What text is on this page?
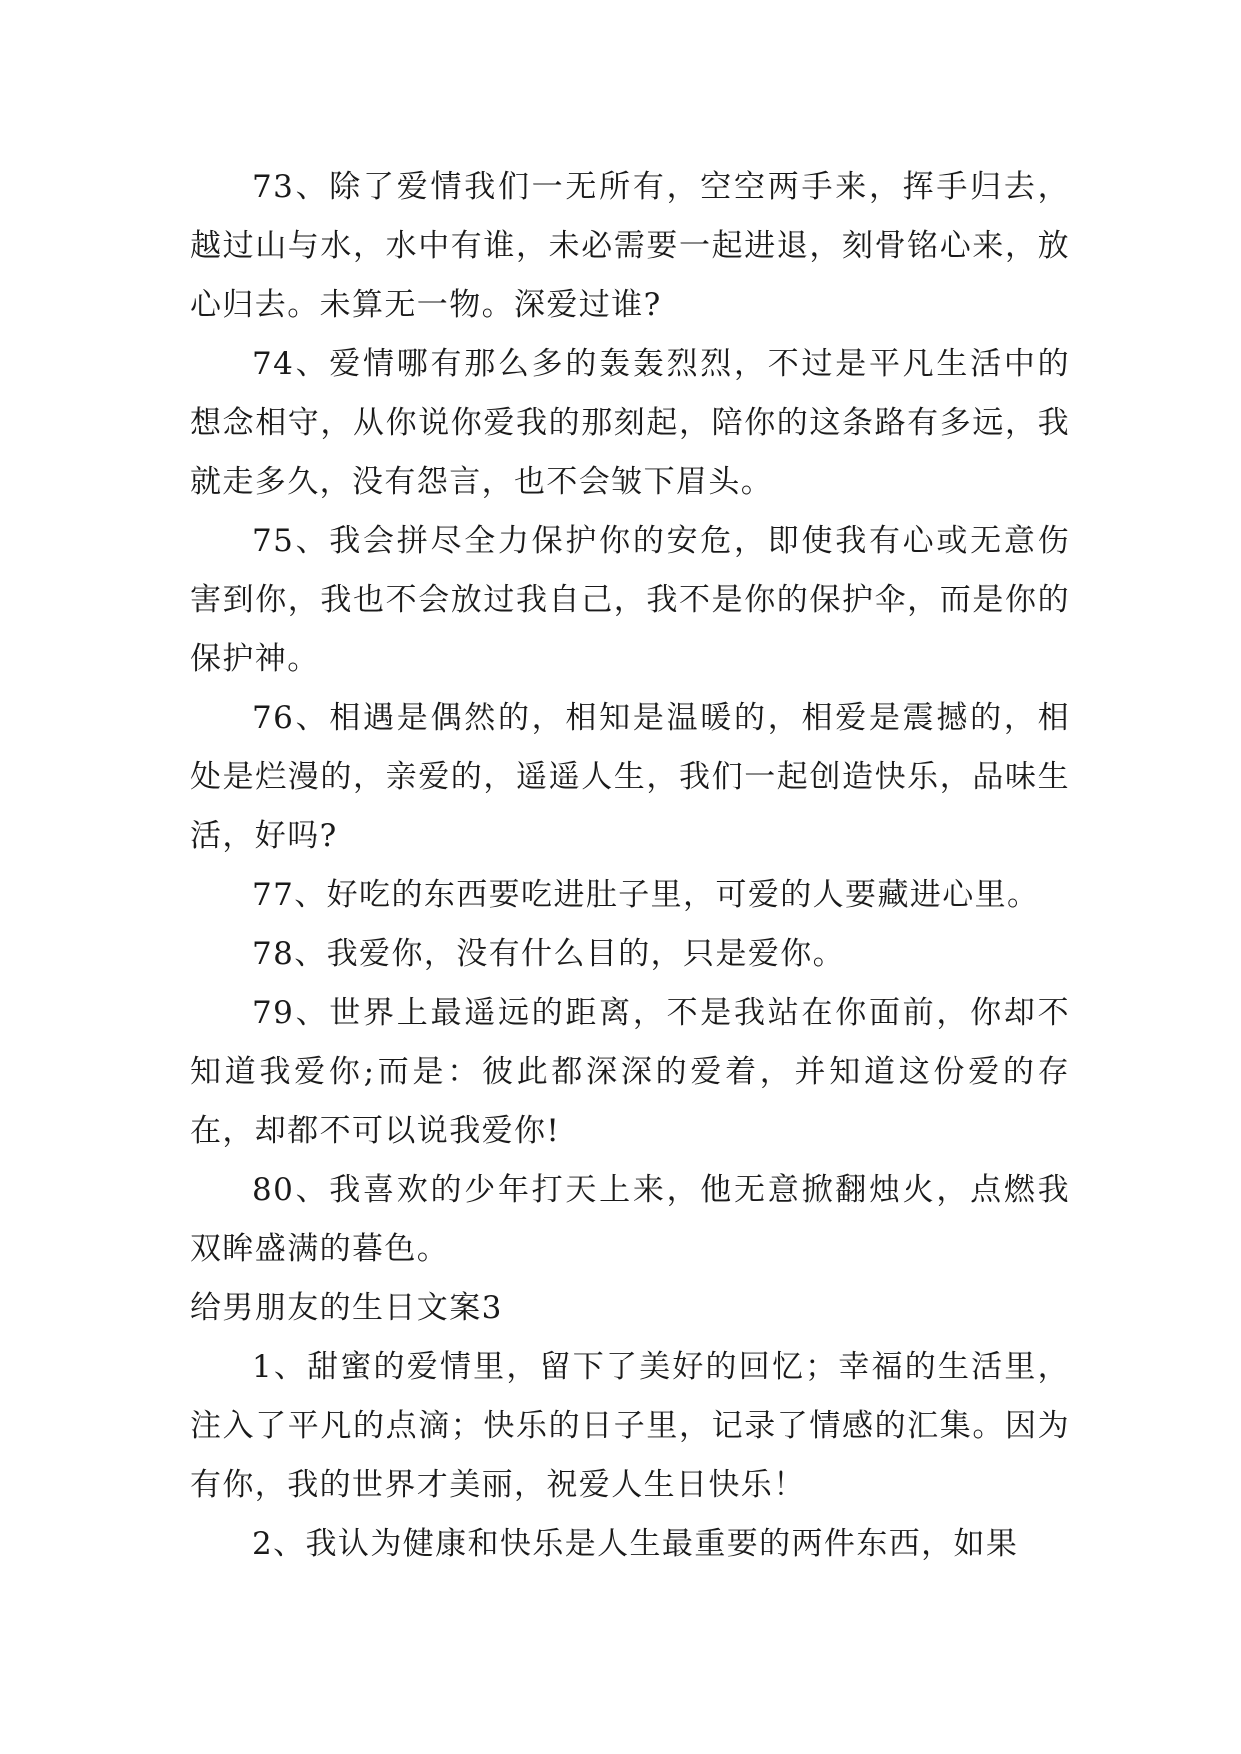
73、除了爱情我们一无所有，空空两手来，挥手归去，越过山与水，水中有谁，未必需要一起进退，刻骨铭心来，放心归去。未算无一物。深爱过谁?

74、爱情哪有那么多的轰轰烈烈，不过是平凡生活中的想念相守，从你说你爱我的那刻起，陪你的这条路有多远，我就走多久，没有怨言，也不会皱下眉头。

75、我会拼尽全力保护你的安危，即使我有心或无意伤害到你，我也不会放过我自己，我不是你的保护伞，而是你的保护神。

76、相遇是偶然的，相知是温暖的，相爱是震撼的，相处是烂漫的，亲爱的，遥遥人生，我们一起创造快乐，品味生活，好吗?

77、好吃的东西要吃进肚子里，可爱的人要藏进心里。

78、我爱你，没有什么目的，只是爱你。

79、世界上最遥远的距离，不是我站在你面前，你却不知道我爱你;而是：彼此都深深的爱着，并知道这份爱的存在，却都不可以说我爱你!

80、我喜欢的少年打天上来，他无意掀翻烛火，点燃我双眸盛满的暮色。

给男朋友的生日文案3

1、甜蜜的爱情里，留下了美好的回忆；幸福的生活里，注入了平凡的点滴；快乐的日子里，记录了情感的汇集。因为有你，我的世界才美丽，祝爱人生日快乐！

2、我认为健康和快乐是人生最重要的两件东西，如果
